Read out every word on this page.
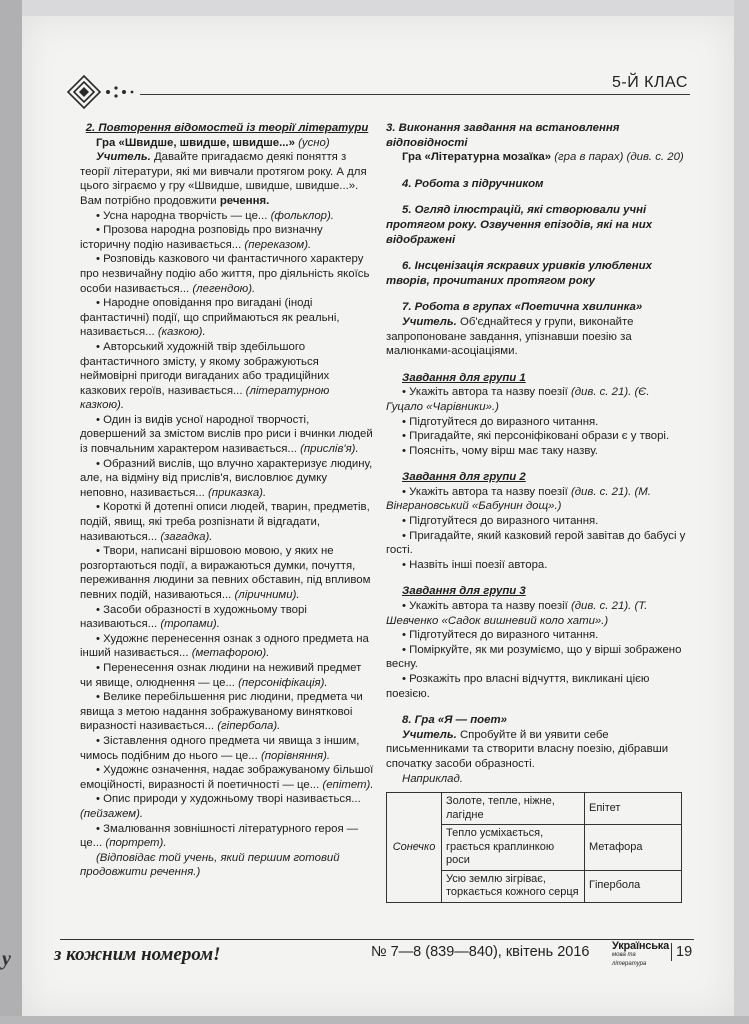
у
5-Й КЛАС

2. Повторення відомостей із теорії літератури

Гра «Швидше, швидше, швидше...» (усно)

Учитель. Давайте пригадаємо деякі поняття з теорії літератури, які ми вивчали протягом року. А для цього зіграємо у гру «Швидше, швидше, швидше...». Вам потрібно продовжити речення.

• Усна народна творчість — це... (фольклор).

• Прозова народна розповідь про визначну історичну подію називається... (переказом).

• Розповідь казкового чи фантастичного характеру про незвичайну подію або життя, про діяльність якоїсь особи називається... (легендою).

• Народне оповідання про вигадані (іноді фантастичні) події, що сприймаються як реальні, називається... (казкою).

• Авторський художній твір здебільшого фантастичного змісту, у якому зображуються неймовірні пригоди вигаданих або традиційних казкових героїв, називається... (літературною казкою).

• Один із видів усної народної творчості, довершений за змістом вислів про риси і вчинки людей із повчальним характером називається... (прислів'я).

• Образний вислів, що влучно характеризує людину, але, на відміну від прислів'я, висловлює думку неповно, називається... (приказка).

• Короткі й дотепні описи людей, тварин, предметів, подій, явищ, які треба розпізнати й відгадати, називаються... (загадка).

• Твори, написані віршовою мовою, у яких не розгортаються події, а виражаються думки, почуття, переживання людини за певних обставин, під впливом певних подій, називаються... (ліричними).

• Засоби образності в художньому творі називаються... (тропами).

• Художнє перенесення ознак з одного предмета на інший називається... (метафорою).

• Перенесення ознак людини на неживий предмет чи явище, олюднення — це... (персоніфікація).

• Велике перебільшення рис людини, предмета чи явища з метою надання зображуваному винятковоі виразності називається... (гіпербола).

• Зіставлення одного предмета чи явища з іншим, чимось подібним до нього — це... (порівняння).

• Художнє означення, надає зображуваному більшої емоційності, виразності й поетичності — це... (епітет).

• Опис природи у художньому творі називається... (пейзажем).

• Змалювання зовнішності літературного героя — це... (портрет).

(Відповідає той учень, який першим готовий продовжити речення.)

3. Виконання завдання на встановлення відповідності

Гра «Літературна мозаїка» (гра в парах) (див. с. 20)

4. Робота з підручником

5. Огляд ілюстрацій, які створювали учні протягом року. Озвучення епізодів, які на них відображені

6. Інсценізація яскравих уривків улюблених творів, прочитаних протягом року

7. Робота в групах «Поетична хвилинка»

Учитель. Об'єднайтеся у групи, виконайте запропоноване завдання, упізнавши поезію за малюнками-асоціаціями.

Завдання для групи 1

• Укажіть автора та назву поезії (див. с. 21). (Є. Гуцало «Чарівники».)

• Підготуйтеся до виразного читання.

• Пригадайте, які персоніфіковані образи є у творі.

• Поясніть, чому вірш має таку назву.

Завдання для групи 2

• Укажіть автора та назву поезії (див. с. 21). (М. Вінграновський «Бабунин дощ».)

• Підготуйтеся до виразного читання.

• Пригадайте, який казковий герой завітав до бабусі у гості.

• Назвіть інші поезії автора.

Завдання для групи 3

• Укажіть автора та назву поезії (див. с. 21). (Т. Шевченко «Садок вишневий коло хати».)

• Підготуйтеся до виразного читання.

• Поміркуйте, як ми розуміємо, що у вірші зображено весну.

• Розкажіть про власні відчуття, викликані цією поезією.

8. Гра «Я — поет»

Учитель. Спробуйте й ви уявити себе письменниками та створити власну поезію, дібравши спочатку засоби образності.

Наприклад.

Сонечко	Золоте, тепле, ніжне, лагідне	Епітет
	Тепло усміхається, грається краплинкою роси	Метафора
	Усю землю зігріває, торкається кожного серця	Гіпербола
з кожним номером!	№ 7—8 (839—840), квітень 2016 Українська
мова та література
19
